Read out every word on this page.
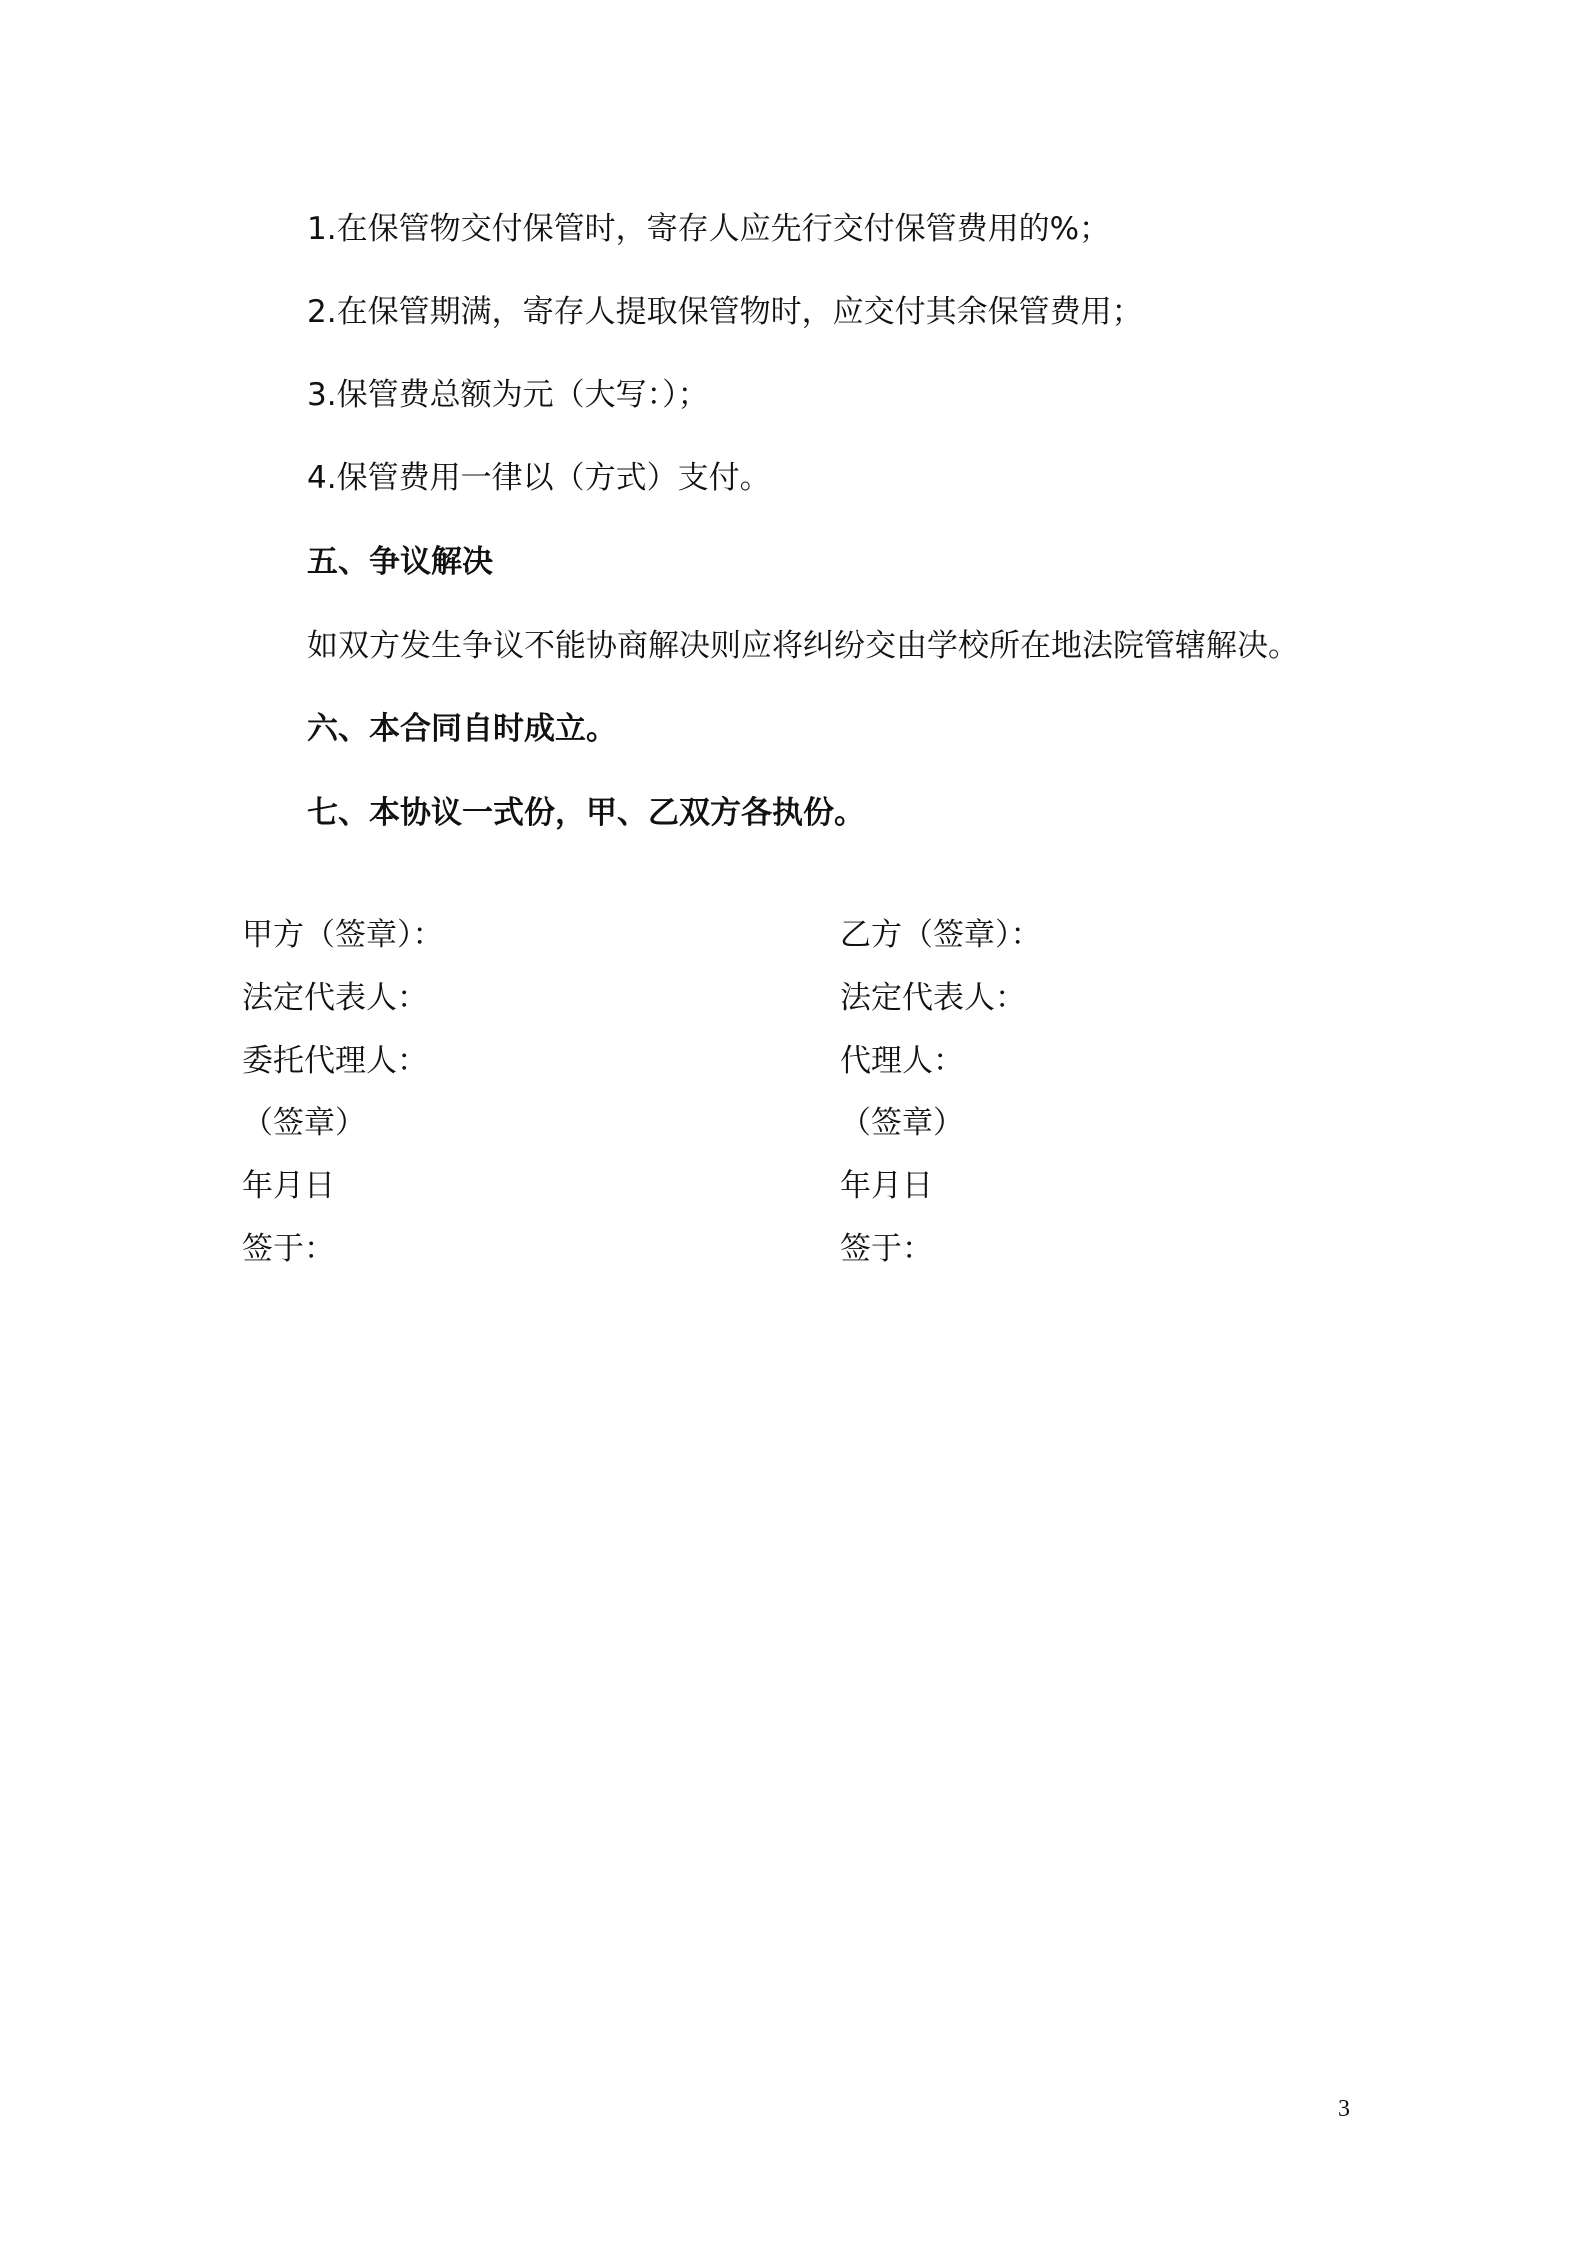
1.在保管物交付保管时，寄存人应先行交付保管费用的%；
2.在保管期满，寄存人提取保管物时，应交付其余保管费用；
3.保管费总额为元（大写：）；
4.保管费用一律以（方式）支付。
五、争议解决
如双方发生争议不能协商解决则应将纠纷交由学校所在地法院管辖解决。
六、本合同自时成立。
七、本协议一式份，甲、乙双方各执份。
甲方（签章）：
法定代表人：
委托代理人：
（签章）
年月日
签于：
乙方（签章）：
法定代表人：
代理人：
（签章）
年月日
签于：
3
